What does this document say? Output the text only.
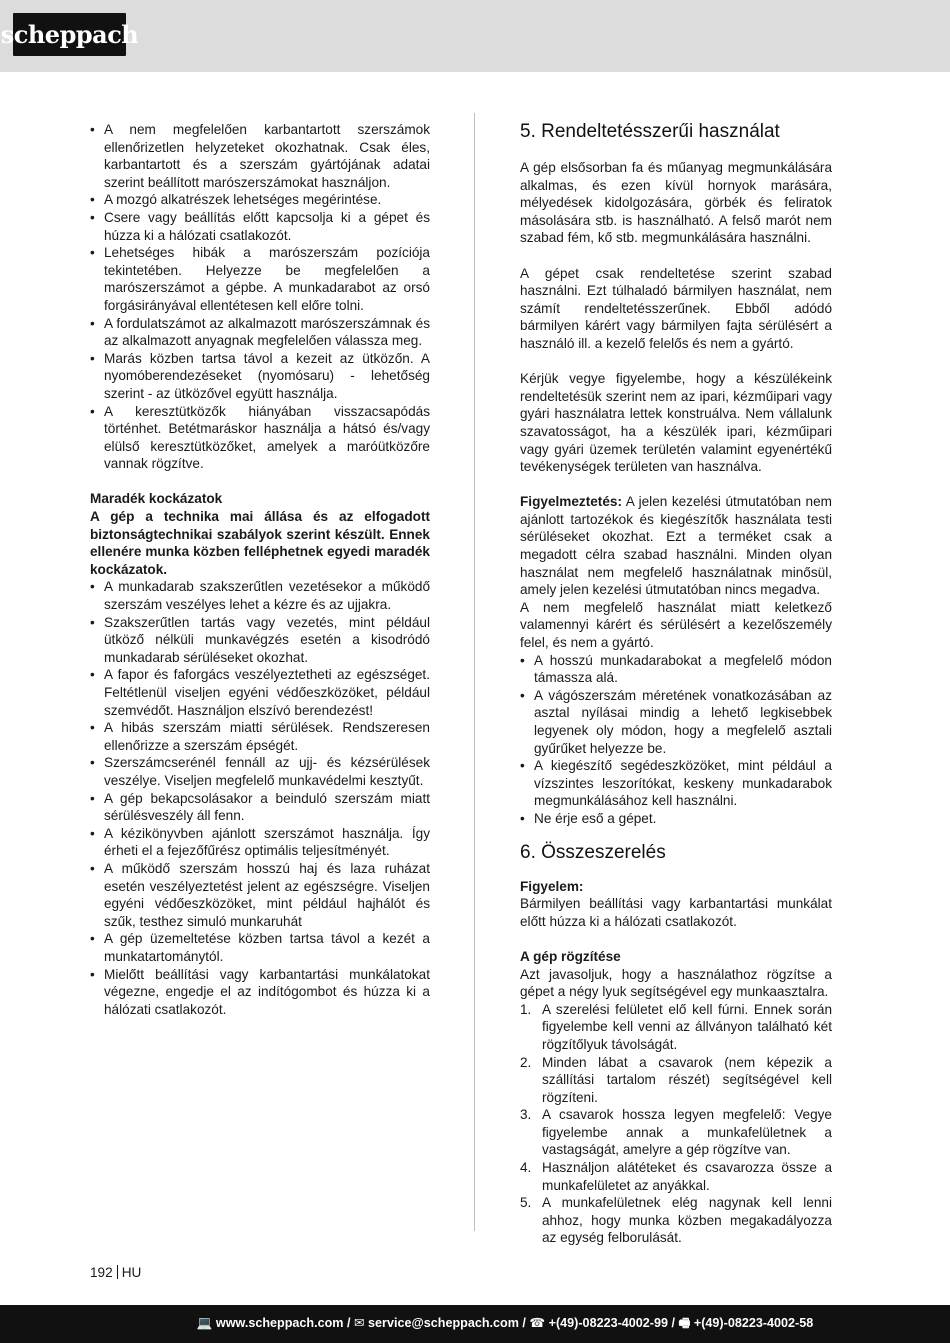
scheppach
• A nem megfelelően karbantartott szerszámok ellenőrizetlen helyzeteket okozhatnak. Csak éles, karbantartott és a szerszám gyártójának adatai szerint beállított marószerszámokat használjon.
• A mozgó alkatrészek lehetséges megérintése.
• Csere vagy beállítás előtt kapcsolja ki a gépet és húzza ki a hálózati csatlakozót.
• Lehetséges hibák a marószerszám pozíciója tekintetében. Helyezze be megfelelően a marószerszámot a gépbe. A munkadarabot az orsó forgásirányával ellentétesen kell előre tolni.
• A fordulatszámot az alkalmazott marószerszámnak és az alkalmazott anyagnak megfelelően válassza meg.
• Marás közben tartsa távol a kezeit az ütközőn. A nyomóberendezéseket (nyomósaru) - lehetőség szerint - az ütközővel együtt használja.
• A keresztütközők hiányában visszacsapódás történhet. Betétmaráskor használja a hátsó és/vagy elülső keresztütközőket, amelyek a maróütközőre vannak rögzítve.

Maradék kockázatok

A gép a technika mai állása és az elfogadott biztonságtechnikai szabályok szerint készült. Ennek ellenére munka közben felléphetnek egyedi maradék kockázatok.

• A munkadarab szakszerűtlen vezetésekor a működő szerszám veszélyes lehet a kézre és az ujjakra.
• Szakszerűtlen tartás vagy vezetés, mint például ütköző nélküli munkavégzés esetén a kisodródó munkadarab sérüléseket okozhat.
• A fapor és faforgács veszélyeztetheti az egészséget. Feltétlenül viseljen egyéni védőeszközöket, például szemvédőt. Használjon elszívó berendezést!
• A hibás szerszám miatti sérülések. Rendszeresen ellenőrizze a szerszám épségét.
• Szerszámcserénél fennáll az ujj- és kézsérülések veszélye. Viseljen megfelelő munkavédelmi kesztyűt.
• A gép bekapcsolásakor a beinduló szerszám miatt sérülésveszély áll fenn.
• A kézikönyvben ajánlott szerszámot használja. Így érheti el a fejezőfűrész optimális teljesítményét.
• A működő szerszám hosszú haj és laza ruházat esetén veszélyeztetést jelent az egészségre. Viseljen egyéni védőeszközöket, mint például hajhálót és szűk, testhez simuló munkaruhát
• A gép üzemeltetése közben tartsa távol a kezét a munkatartománytól.
• Mielőtt beállítási vagy karbantartási munkálatokat végezne, engedje el az indítógombot és húzza ki a hálózati csatlakozót.
5. Rendeltetésszerűi használat

A gép elsősorban fa és műanyag megmunkálására alkalmas, és ezen kívül hornyok marására, mélyedések kidolgozására, görbék és feliratok másolására stb. is használható. A felső marót nem szabad fém, kő stb. megmunkálására használni.

A gépet csak rendeltetése szerint szabad használni. Ezt túlhaladó bármilyen használat, nem számít rendeltetésszerűnek. Ebből adódó bármilyen kárért vagy bármilyen fajta sérülésért a használó ill. a kezelő felelős és nem a gyártó.

Kérjük vegye figyelembe, hogy a készülékeink rendeltetésük szerint nem az ipari, kézműipari vagy gyári használatra lettek konstruálva. Nem vállalunk szavatosságot, ha a készülék ipari, kézműipari vagy gyári üzemek területén valamint egyenértékű tevékenységek területen van használva.

Figyelmeztetés: A jelen kezelési útmutatóban nem ajánlott tartozékok és kiegészítők használata testi sérüléseket okozhat. Ezt a terméket csak a megadott célra szabad használni. Minden olyan használat nem megfelelő használatnak minősül, amely jelen kezelési útmutatóban nincs megadva.

A nem megfelelő használat miatt keletkező valamennyi kárért és sérülésért a kezelőszemély felel, és nem a gyártó.

• A hosszú munkadarabokat a megfelelő módon támassza alá.
• A vágószerszám méretének vonatkozásában az asztal nyílásai mindig a lehető legkisebbek legyenek oly módon, hogy a megfelelő asztali gyűrűket helyezze be.
• A kiegészítő segédeszközöket, mint például a vízszintes leszorítókat, keskeny munkadarabok megmunkálásához kell használni.
• Ne érje eső a gépet.
6. Összeszerelés

Figyelem:

Bármilyen beállítási vagy karbantartási munkálat előtt húzza ki a hálózati csatlakozót.

A gép rögzítése

Azt javasoljuk, hogy a használathoz rögzítse a gépet a négy lyuk segítségével egy munkaasztalra.

1. A szerelési felületet elő kell fúrni. Ennek során figyelembe kell venni az állványon található két rögzítőlyuk távolságát.
2. Minden lábat a csavarok (nem képezik a szállítási tartalom részét) segítségével kell rögzíteni.
3. A csavarok hossza legyen megfelelő: Vegye figyelembe annak a munkafelületnek a vastagságát, amelyre a gép rögzítve van.
4. Használjon alátéteket és csavarozza össze a munkafelületet az anyákkal.
5. A munkafelületnek elég nagynak kell lenni ahhoz, hogy munka közben megakadályozza az egység felborulását.
192 HU
💻 www.scheppach.com / ✉ service@scheppach.com / ☎ +(49)-08223-4002-99 / 🖷 +(49)-08223-4002-58
